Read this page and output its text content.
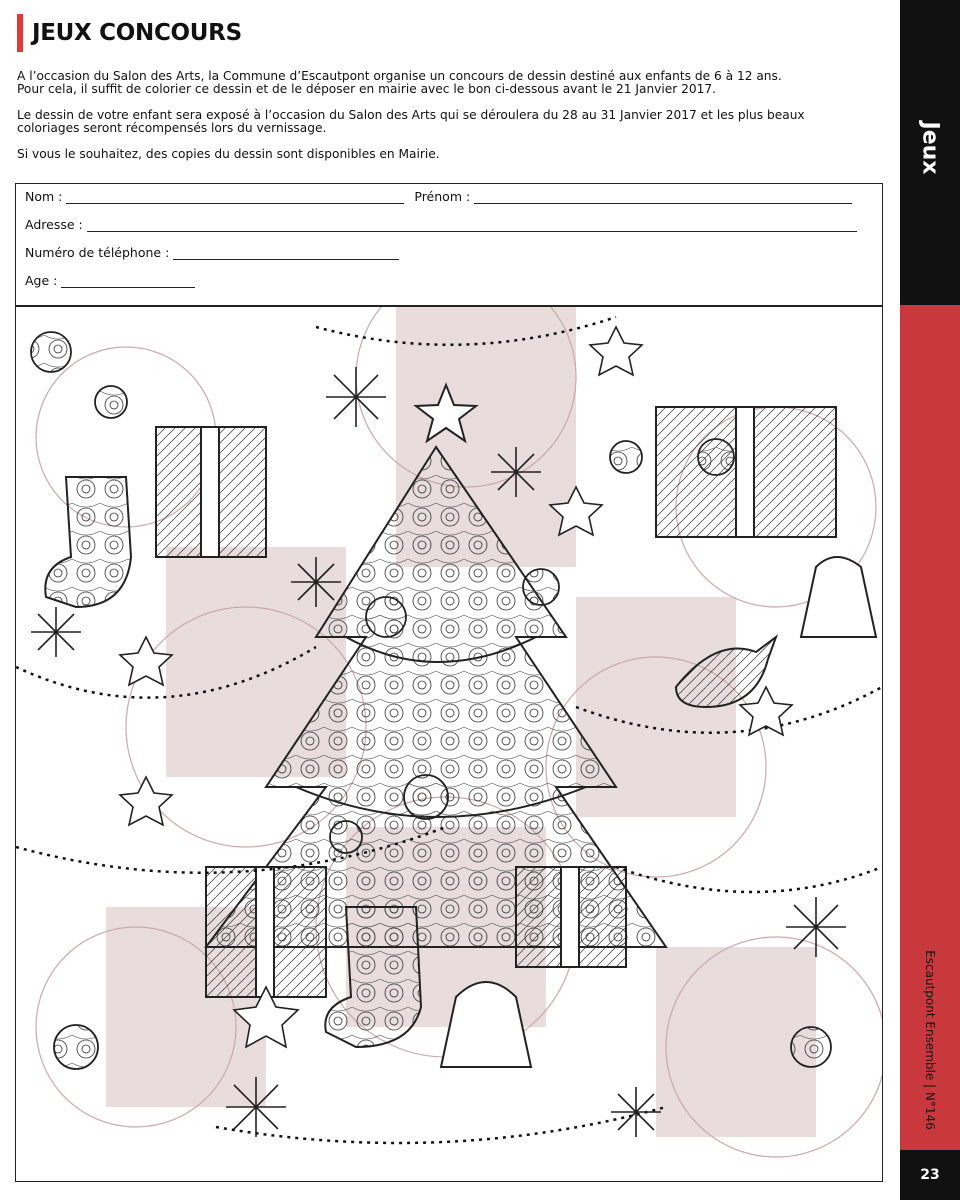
JEUX CONCOURS

A l’occasion du Salon des Arts, la Commune d’Escautpont organise un concours de dessin destiné aux enfants de 6 à 12 ans.
Pour cela, il suffit de colorier ce dessin et de le déposer en mairie avec le bon ci-dessous avant le 21 Janvier 2017.

Le dessin de votre enfant sera exposé à l’occasion du Salon des Arts qui se déroulera du 28 au 31 Janvier 2017 et les plus beaux
coloriages seront récompensés lors du vernissage.

Si vous le souhaitez, des copies du dessin sont disponibles en Mairie.

Nom :	Prénom :
Adresse :
Numéro de téléphone :
Age :
Jeux
Escautpont Ensemble | N°146
23
